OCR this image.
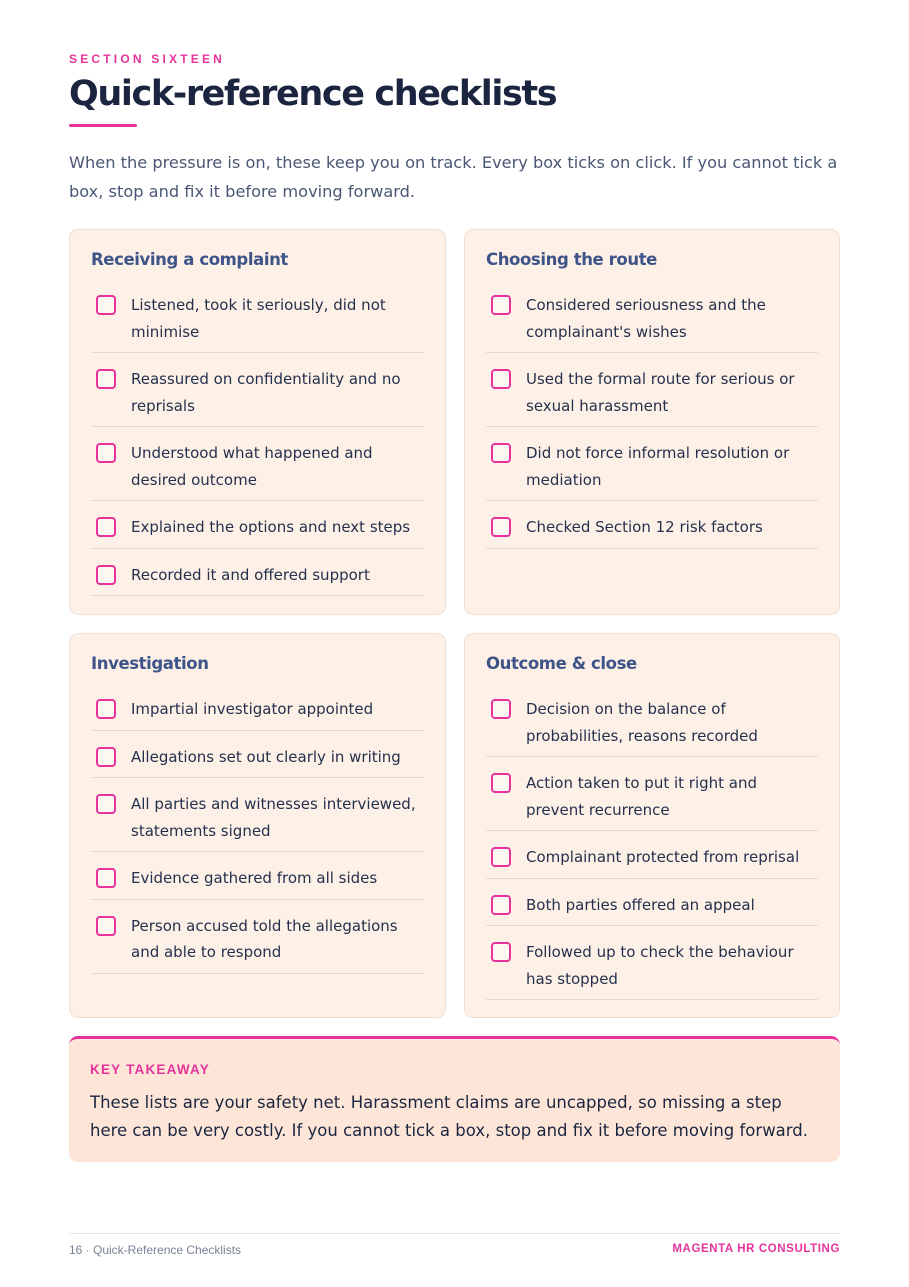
SECTION SIXTEEN
Quick-reference checklists

When the pressure is on, these keep you on track. Every box ticks on click. If you cannot tick a box, stop and fix it before moving forward.

Receiving a complaint
Listened, took it seriously, did not minimise
Reassured on confidentiality and no reprisals
Understood what happened and desired outcome
Explained the options and next steps
Recorded it and offered support
Choosing the route
Considered seriousness and the complainant's wishes
Used the formal route for serious or sexual harassment
Did not force informal resolution or mediation
Checked Section 12 risk factors
Investigation
Impartial investigator appointed
Allegations set out clearly in writing
All parties and witnesses interviewed, statements signed
Evidence gathered from all sides
Person accused told the allegations and able to respond
Outcome & close
Decision on the balance of probabilities, reasons recorded
Action taken to put it right and prevent recurrence
Complainant protected from reprisal
Both parties offered an appeal
Followed up to check the behaviour has stopped
KEY TAKEAWAY

These lists are your safety net. Harassment claims are uncapped, so missing a step here can be very costly. If you cannot tick a box, stop and fix it before moving forward.

16 · Quick-Reference Checklists	MAGENTA HR CONSULTING
